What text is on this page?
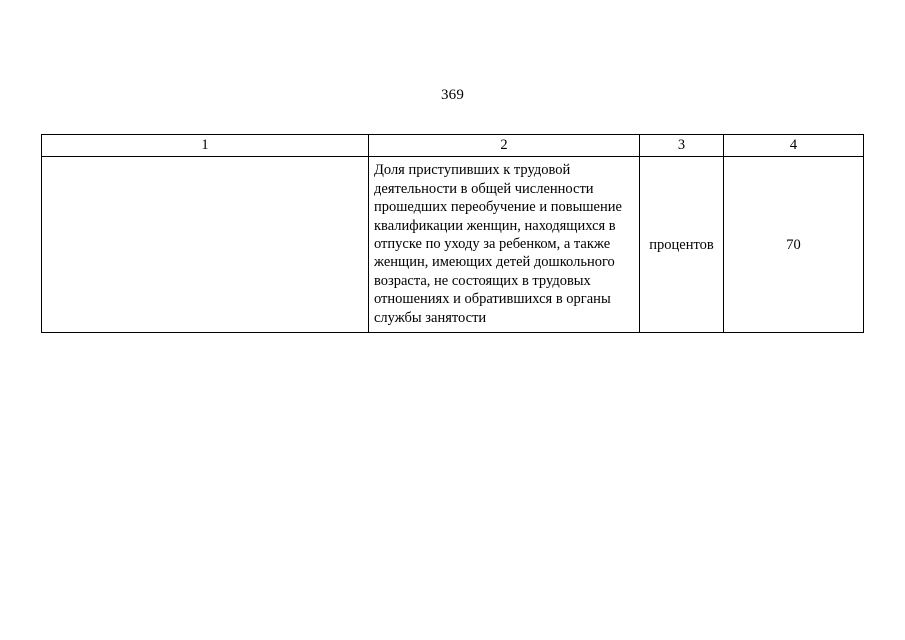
369
1	2	3	4

	Доля приступивших к трудовой деятельности в общей численности прошедших переобучение и повышение квалификации женщин, находящихся в отпуске по уходу за ребенком, а также женщин, имеющих детей дошкольного возраста, не состоящих в трудовых отношениях и обратившихся в органы службы занятости	процентов	70
